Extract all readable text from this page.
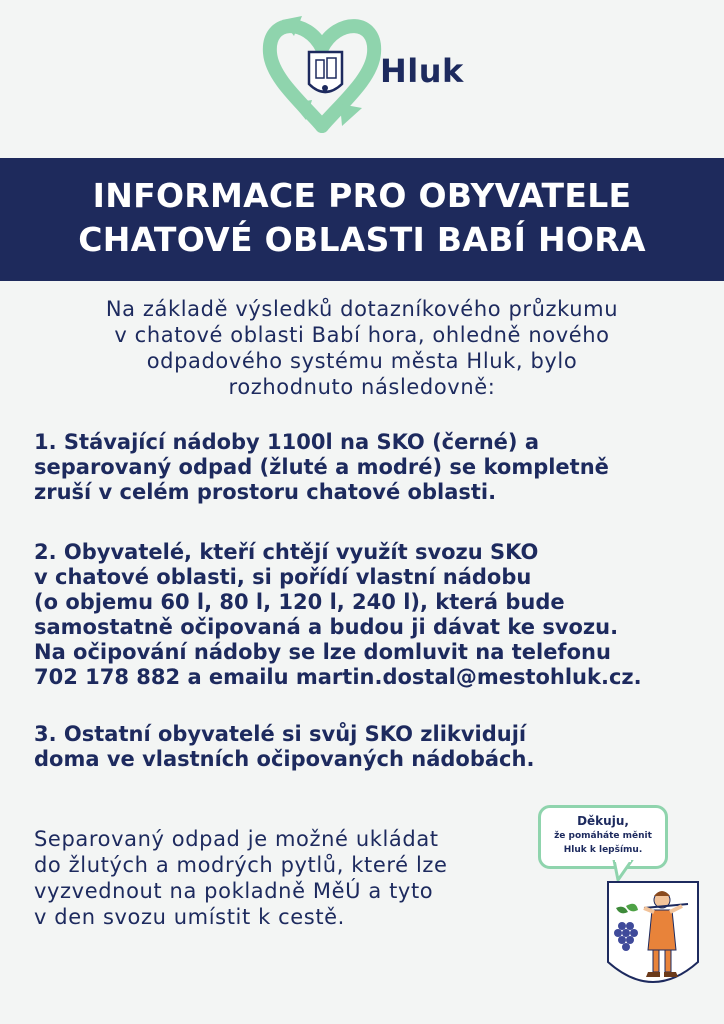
Hluk
INFORMACE PRO OBYVATELE
CHATOVÉ OBLASTI BABÍ HORA
Na základě výsledků dotazníkového průzkumu
v chatové oblasti Babí hora, ohledně nového
odpadového systému města Hluk, bylo
rozhodnuto následovně:
1. Stávající nádoby 1100l na SKO (černé) a
separovaný odpad (žluté a modré) se kompletně
zruší v celém prostoru chatové oblasti.
2. Obyvatelé, kteří chtějí využít svozu SKO
v chatové oblasti, si pořídí vlastní nádobu
(o objemu 60 l, 80 l, 120 l, 240 l), která bude
samostatně očipovaná a budou ji dávat ke svozu.
Na očipování nádoby se lze domluvit na telefonu
702 178 882 a emailu martin.dostal@mestohluk.cz.
3. Ostatní obyvatelé si svůj SKO zlikvidují
doma ve vlastních očipovaných nádobách.
Separovaný odpad je možné ukládat
do žlutých a modrých pytlů, které lze
vyzvednout na pokladně MěÚ a tyto
v den svozu umístit k cestě.
Děkuju,
že pomáháte měnit
Hluk k lepšímu.
